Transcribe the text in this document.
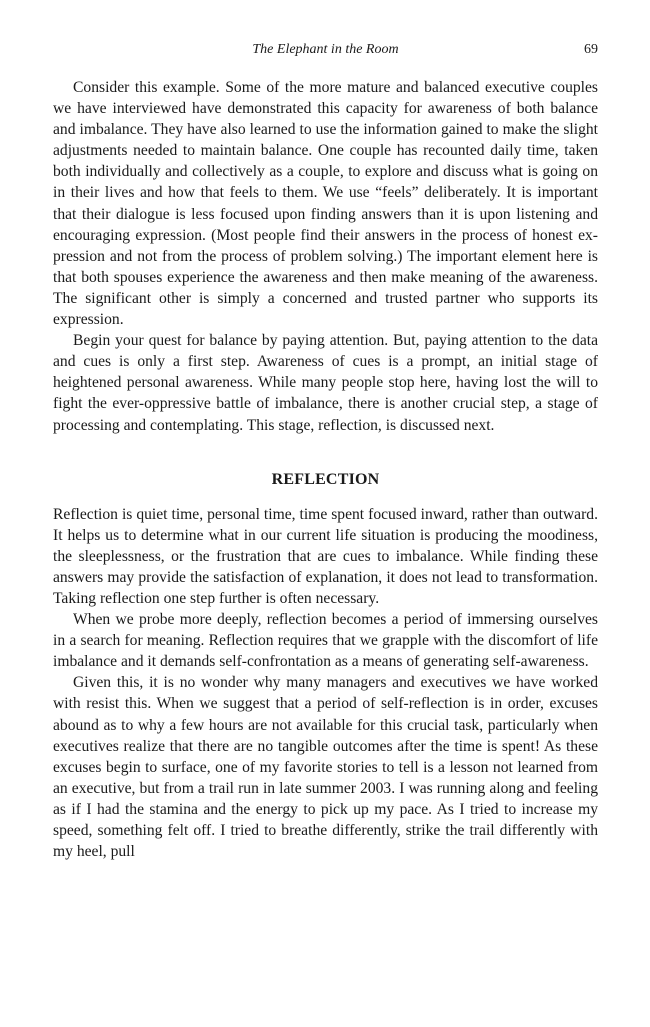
The Elephant in the Room	69

Consider this example. Some of the more mature and balanced executive couples we have interviewed have demonstrated this capacity for awareness of both balance and imbalance. They have also learned to use the information gained to make the slight adjustments needed to maintain balance. One couple has recounted daily time, taken both individually and collectively as a couple, to explore and discuss what is going on in their lives and how that feels to them. We use “feels” deliberately. It is important that their dialogue is less focused upon finding answers than it is upon listening and encouraging expression. (Most people find their answers in the process of honest expression and not from the process of problem solving.) The important element here is that both spouses experience the awareness and then make meaning of the awareness. The significant other is simply a concerned and trusted partner who supports its expression.

Begin your quest for balance by paying attention. But, paying attention to the data and cues is only a first step. Awareness of cues is a prompt, an initial stage of heightened personal awareness. While many people stop here, having lost the will to fight the ever-oppressive battle of imbalance, there is another crucial step, a stage of processing and contemplating. This stage, reflection, is discussed next.

REFLECTION

Reflection is quiet time, personal time, time spent focused inward, rather than outward. It helps us to determine what in our current life situation is producing the moodiness, the sleeplessness, or the frustration that are cues to imbalance. While finding these answers may provide the satisfaction of explanation, it does not lead to transformation. Taking reflection one step further is often necessary.

When we probe more deeply, reflection becomes a period of immersing ourselves in a search for meaning. Reflection requires that we grapple with the discomfort of life imbalance and it demands self-confrontation as a means of generating self-awareness.

Given this, it is no wonder why many managers and executives we have worked with resist this. When we suggest that a period of self-reflection is in order, excuses abound as to why a few hours are not available for this crucial task, particularly when executives realize that there are no tangible outcomes after the time is spent! As these excuses begin to surface, one of my favorite stories to tell is a lesson not learned from an executive, but from a trail run in late summer 2003. I was running along and feeling as if I had the stamina and the energy to pick up my pace. As I tried to increase my speed, something felt off. I tried to breathe differently, strike the trail differently with my heel, pull
